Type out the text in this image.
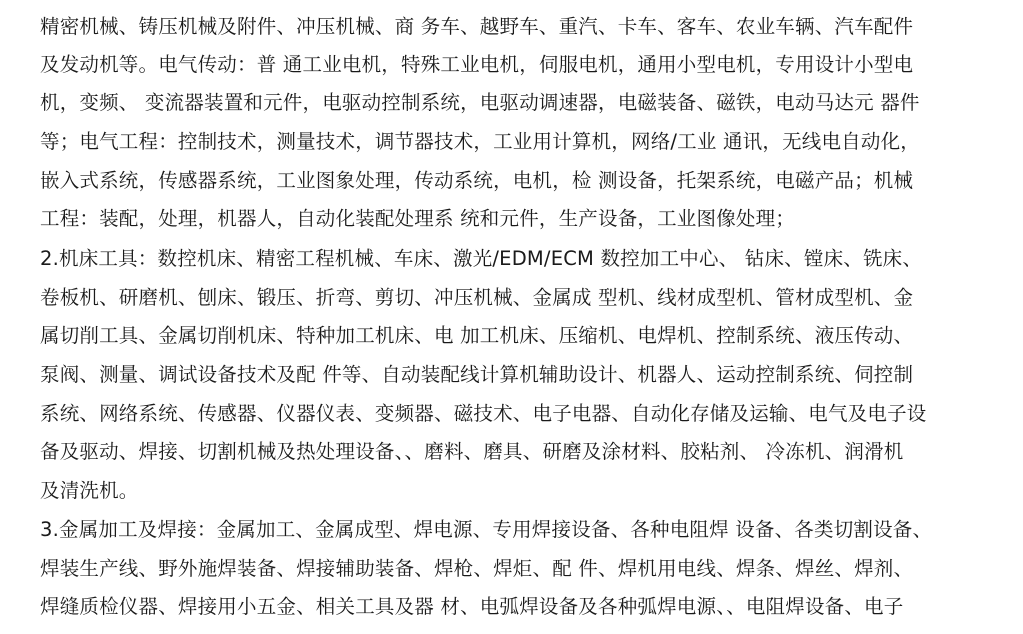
精密机械、铸压机械及附件、冲压机械、商 务车、越野车、重汽、卡车、客车、农业车辆、汽车配件
及发动机等。电气传动：普 通工业电机，特殊工业电机，伺服电机，通用小型电机，专用设计小型电
机，变频、 变流器装置和元件，电驱动控制系统，电驱动调速器，电磁装备、磁铁，电动马达元 器件
等；电气工程：控制技术，测量技术，调节器技术，工业用计算机，网络/工业 通讯，无线电自动化，
嵌入式系统，传感器系统，工业图象处理，传动系统，电机，检 测设备，托架系统，电磁产品；机械
工程：装配，处理，机器人，自动化装配处理系 统和元件，生产设备，工业图像处理；
2.机床工具：数控机床、精密工程机械、车床、激光/EDM/ECM 数控加工中心、 钻床、镗床、铣床、
卷板机、研磨机、刨床、锻压、折弯、剪切、冲压机械、金属成 型机、线材成型机、管材成型机、金
属切削工具、金属切削机床、特种加工机床、电 加工机床、压缩机、电焊机、控制系统、液压传动、
泵阀、测量、调试设备技术及配 件等、自动装配线计算机辅助设计、机器人、运动控制系统、伺控制
系统、网络系统、传感器、仪器仪表、变频器、磁技术、电子电器、自动化存储及运输、电气及电子设
备及驱动、焊接、切割机械及热处理设备、、磨料、磨具、研磨及涂材料、胶粘剂、 冷冻机、润滑机
及清洗机。
3.金属加工及焊接：金属加工、金属成型、焊电源、专用焊接设备、各种电阻焊 设备、各类切割设备、
焊装生产线、野外施焊装备、焊接辅助装备、焊枪、焊炬、配 件、焊机用电线、焊条、焊丝、焊剂、
焊缝质检仪器、焊接用小五金、相关工具及器 材、电弧焊设备及各种弧焊电源、、电阻焊设备、电子
